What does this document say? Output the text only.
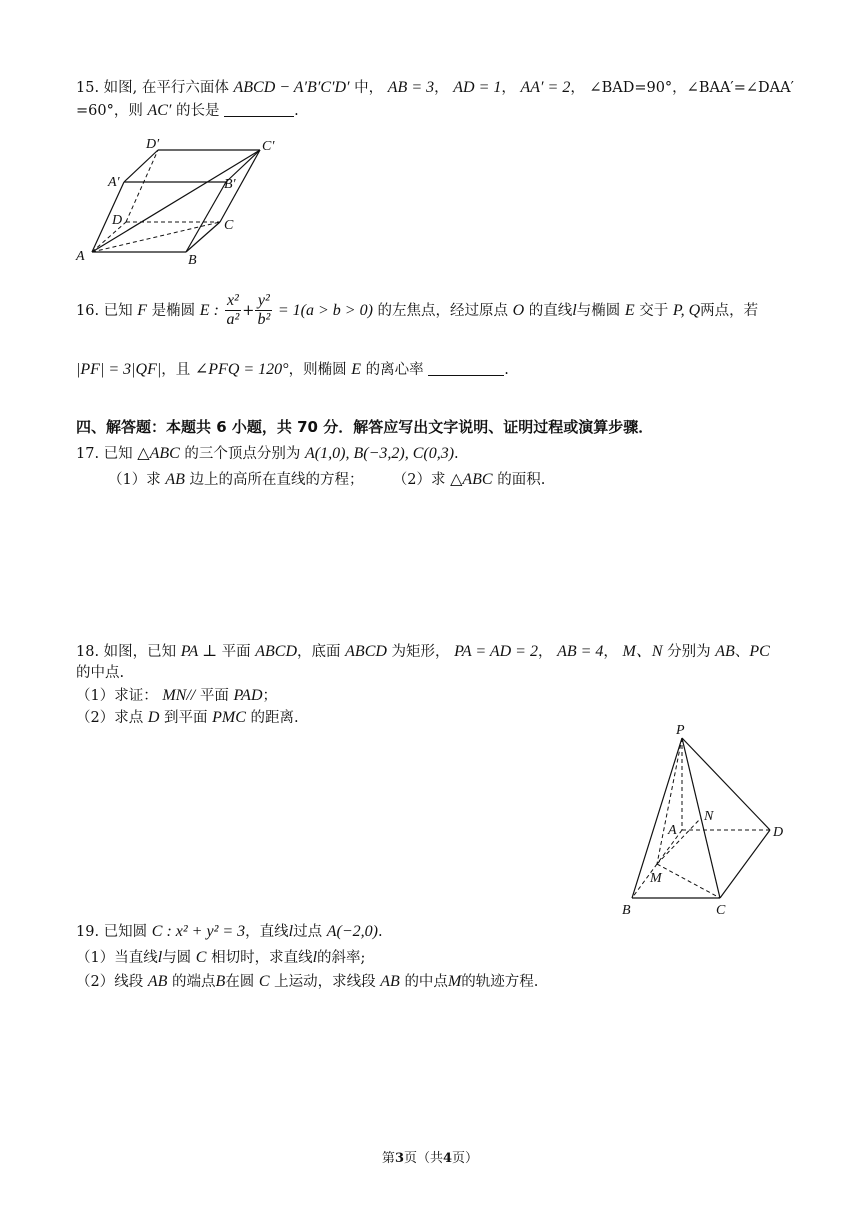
15. 如图, 在平行六面体 ABCD − A′B′C′D′ 中， AB = 3， AD = 1， AA′ = 2， ∠BAD=90°，∠BAA′=∠DAA′
=60°，则 AC′ 的长是	.
D′	C′
A′	B′
D	C
A	B
16. 已知 F 是椭圆 E : $\frac{\text{x²}}{\text{a²}} + \frac{\text{y²}}{\text{b²}} = 1(a > b > 0)$ 的左焦点，经过原点 O 的直线l与椭圆 E 交于 P, Q两点，若
|PF| = 3|QF|，且 ∠PFQ = 120°，则椭圆 E 的离心率	.
四、解答题：本题共 6 小题，共 70 分．解答应写出文字说明、证明过程或演算步骤．
17. 已知 △ABC 的三个顶点分别为 A(1,0), B(−3,2), C(0,3).
（1）求 AB 边上的高所在直线的方程； （2）求 △ABC 的面积.
18. 如图，已知 PA ⊥ 平面 ABCD，底面 ABCD 为矩形， PA = AD = 2， AB = 4， M、N 分别为 AB、PC
的中点.
（1）求证： MN// 平面 PAD；
（2）求点 D 到平面 PMC 的距离.
P
N
A	D
M
B	C
19. 已知圆 C : x² + y² = 3，直线l过点 A(−2,0).
（1）当直线l与圆 C 相切时，求直线l的斜率;
（2）线段 AB 的端点B在圆 C 上运动，求线段 AB 的中点M的轨迹方程.
第3页（共4页）
